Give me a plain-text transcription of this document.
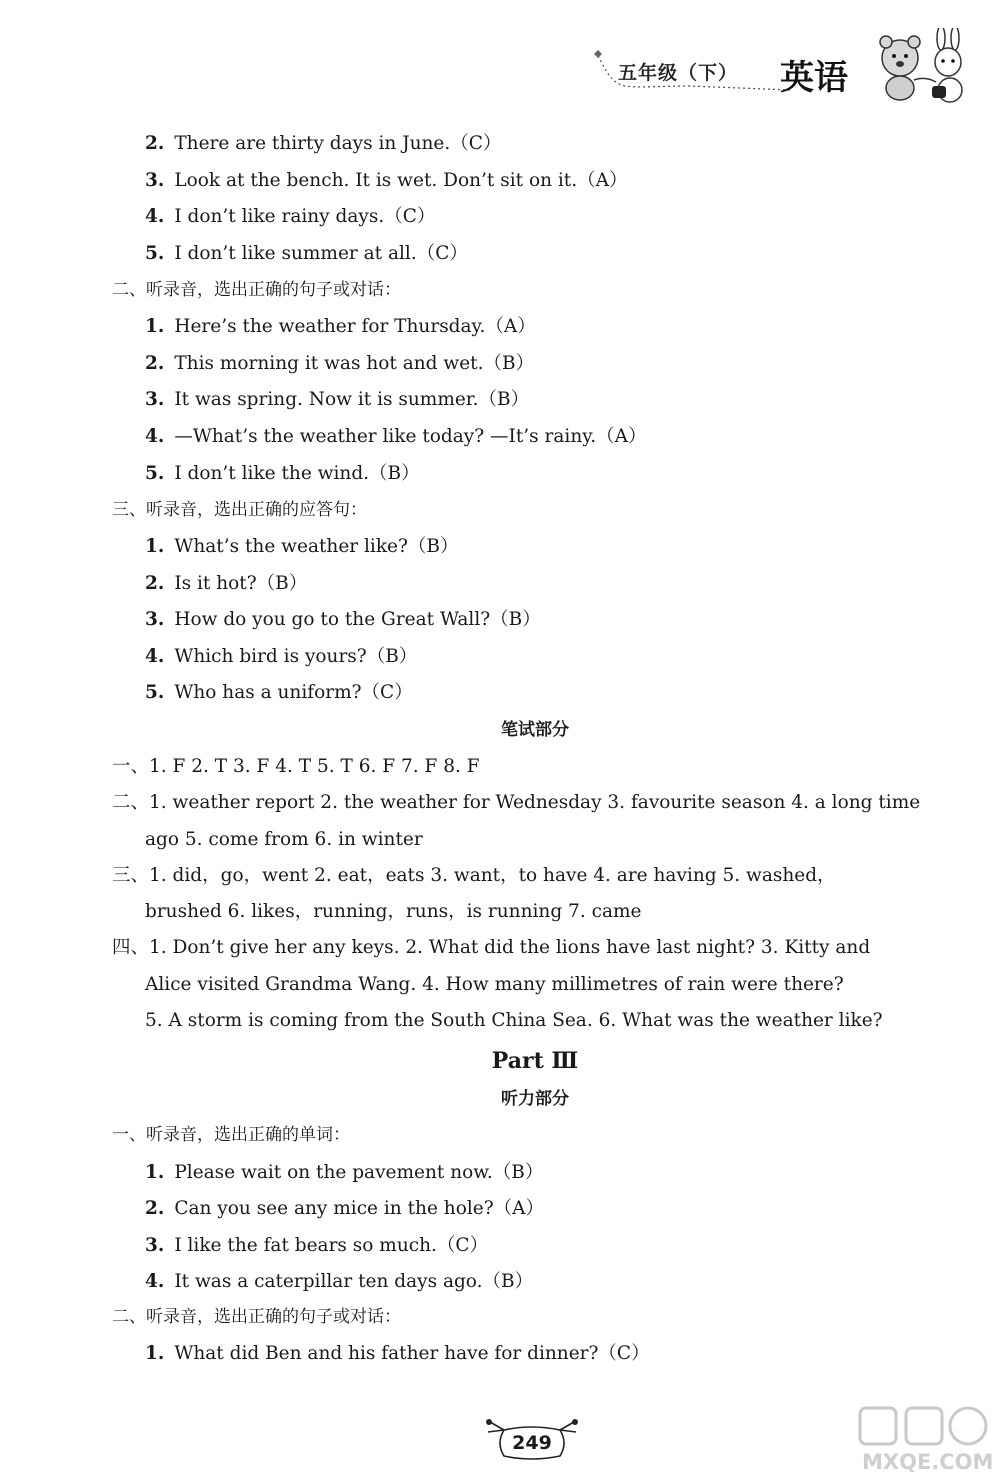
五年级（下） 英语
2. There are thirty days in June.（C）
3. Look at the bench. It is wet. Don’t sit on it.（A）
4. I don’t like rainy days.（C）
5. I don’t like summer at all.（C）
二、听录音，选出正确的句子或对话：
1. Here’s the weather for Thursday.（A）
2. This morning it was hot and wet.（B）
3. It was spring. Now it is summer.（B）
4. —What’s the weather like today? —It’s rainy.（A）
5. I don’t like the wind.（B）
三、听录音，选出正确的应答句：
1. What’s the weather like?（B）
2. Is it hot?（B）
3. How do you go to the Great Wall?（B）
4. Which bird is yours?（B）
5. Who has a uniform?（C）
笔试部分
一、1. F 2. T 3. F 4. T 5. T 6. F 7. F 8. F
二、1. weather report 2. the weather for Wednesday 3. favourite season 4. a long time
ago 5. come from 6. in winter
三、1. did，go，went 2. eat，eats 3. want，to have 4. are having 5. washed，
brushed 6. likes，running，runs，is running 7. came
四、1. Don’t give her any keys. 2. What did the lions have last night? 3. Kitty and
Alice visited Grandma Wang. 4. How many millimetres of rain were there?
5. A storm is coming from the South China Sea. 6. What was the weather like?
Part Ⅲ
听力部分
一、听录音，选出正确的单词：
1. Please wait on the pavement now.（B）
2. Can you see any mice in the hole?（A）
3. I like the fat bears so much.（C）
4. It was a caterpillar ten days ago.（B）
二、听录音，选出正确的句子或对话：
1. What did Ben and his father have for dinner?（C）
249
MXQE.COM
